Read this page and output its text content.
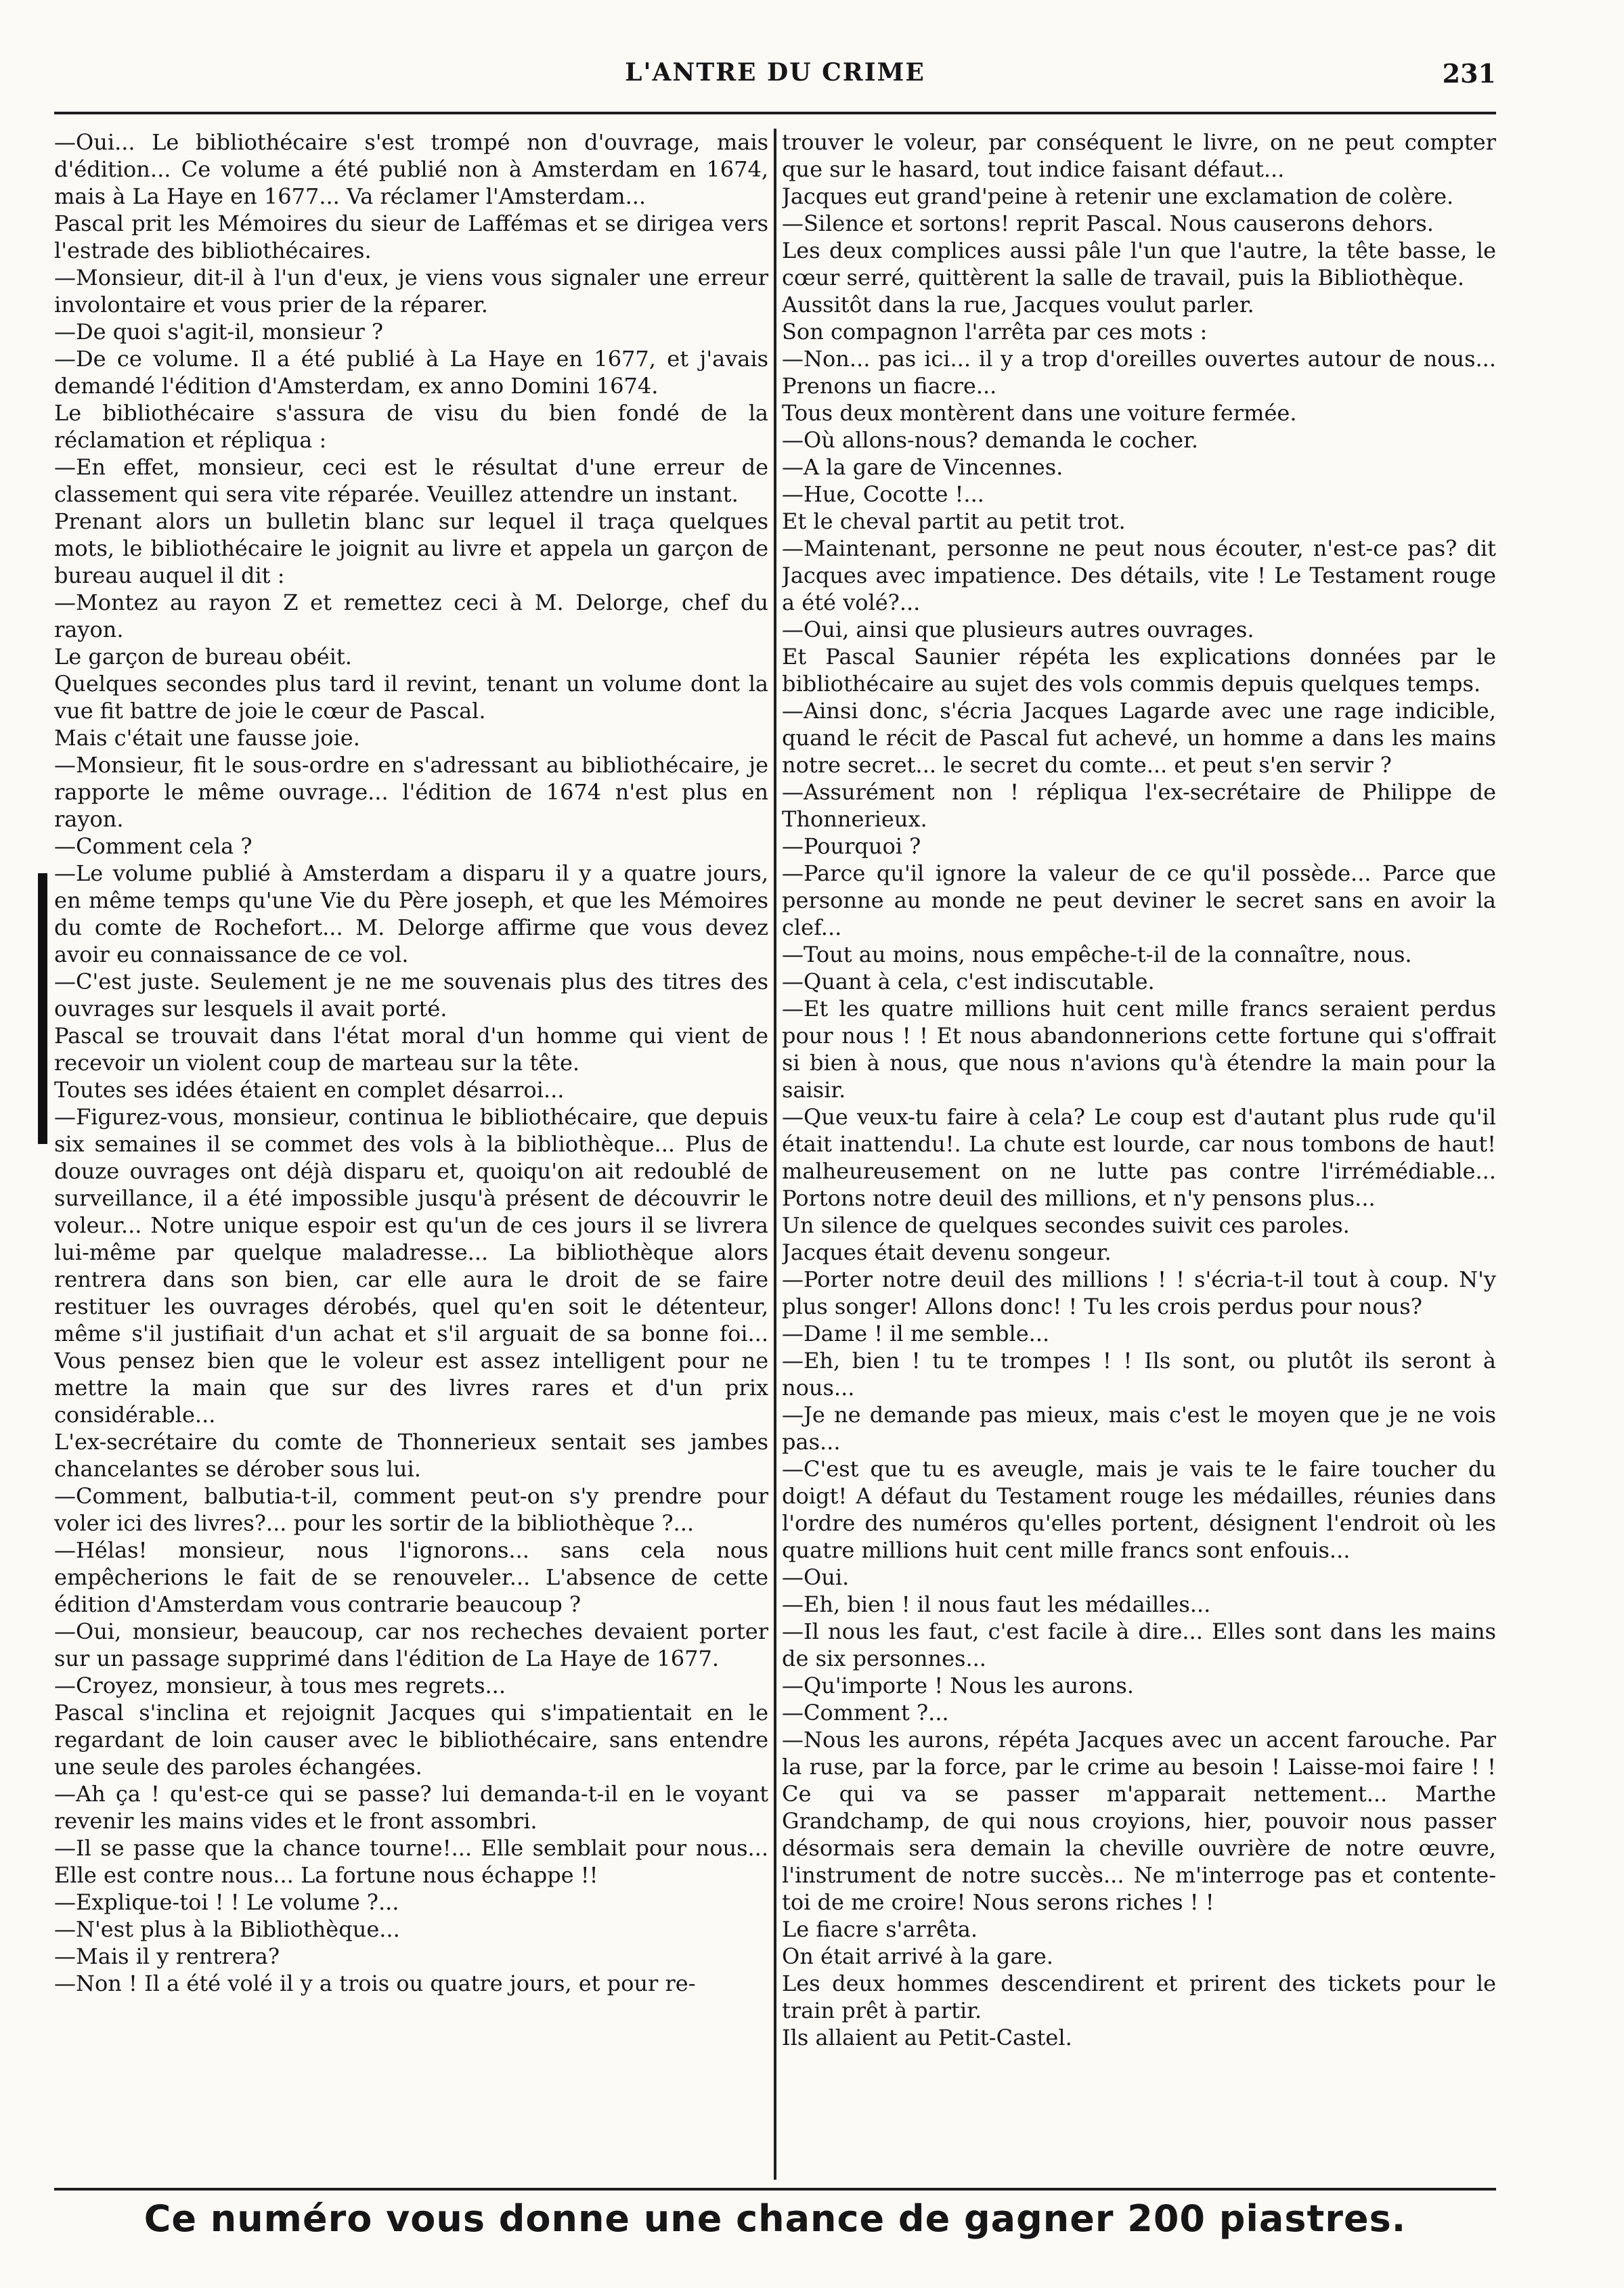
L'ANTRE DU CRIME	231

—Oui... Le bibliothécaire s'est trompé non d'ouvrage, mais d'édition... Ce volume a été publié non à Amsterdam en 1674, mais à La Haye en 1677... Va réclamer l'Amsterdam...

Pascal prit les Mémoires du sieur de Laffémas et se dirigea vers l'estrade des bibliothécaires.

—Monsieur, dit-il à l'un d'eux, je viens vous signaler une erreur involontaire et vous prier de la réparer.

—De quoi s'agit-il, monsieur ?

—De ce volume. Il a été publié à La Haye en 1677, et j'avais demandé l'édition d'Amsterdam, ex anno Domini 1674.

Le bibliothécaire s'assura de visu du bien fondé de la réclamation et répliqua :

—En effet, monsieur, ceci est le résultat d'une erreur de classement qui sera vite réparée. Veuillez attendre un instant.

Prenant alors un bulletin blanc sur lequel il traça quelques mots, le bibliothécaire le joignit au livre et appela un garçon de bureau auquel il dit :

—Montez au rayon Z et remettez ceci à M. Delorge, chef du rayon.

Le garçon de bureau obéit.

Quelques secondes plus tard il revint, tenant un volume dont la vue fit battre de joie le cœur de Pascal.

Mais c'était une fausse joie.

—Monsieur, fit le sous-ordre en s'adressant au bibliothécaire, je rapporte le même ouvrage... l'édition de 1674 n'est plus en rayon.

—Comment cela ?

—Le volume publié à Amsterdam a disparu il y a quatre jours, en même temps qu'une Vie du Père joseph, et que les Mémoires du comte de Rochefort... M. Delorge affirme que vous devez avoir eu connaissance de ce vol.

—C'est juste. Seulement je ne me souvenais plus des titres des ouvrages sur lesquels il avait porté.

Pascal se trouvait dans l'état moral d'un homme qui vient de recevoir un violent coup de marteau sur la tête.

Toutes ses idées étaient en complet désarroi...

—Figurez-vous, monsieur, continua le bibliothécaire, que depuis six semaines il se commet des vols à la bibliothèque... Plus de douze ouvrages ont déjà disparu et, quoiqu'on ait redoublé de surveillance, il a été impossible jusqu'à présent de découvrir le voleur... Notre unique espoir est qu'un de ces jours il se livrera lui-même par quelque maladresse... La bibliothèque alors rentrera dans son bien, car elle aura le droit de se faire restituer les ouvrages dérobés, quel qu'en soit le détenteur, même s'il justifiait d'un achat et s'il arguait de sa bonne foi... Vous pensez bien que le voleur est assez intelligent pour ne mettre la main que sur des livres rares et d'un prix considérable...

L'ex-secrétaire du comte de Thonnerieux sentait ses jambes chancelantes se dérober sous lui.

—Comment, balbutia-t-il, comment peut-on s'y prendre pour voler ici des livres?... pour les sortir de la bibliothèque ?...

—Hélas! monsieur, nous l'ignorons... sans cela nous empêcherions le fait de se renouveler... L'absence de cette édition d'Amsterdam vous contrarie beaucoup ?

—Oui, monsieur, beaucoup, car nos recheches devaient porter sur un passage supprimé dans l'édition de La Haye de 1677.

—Croyez, monsieur, à tous mes regrets...

Pascal s'inclina et rejoignit Jacques qui s'impatientait en le regardant de loin causer avec le bibliothécaire, sans entendre une seule des paroles échangées.

—Ah ça ! qu'est-ce qui se passe? lui demanda-t-il en le voyant revenir les mains vides et le front assombri.

—Il se passe que la chance tourne!... Elle semblait pour nous... Elle est contre nous... La fortune nous échappe !!

—Explique-toi ! ! Le volume ?...

—N'est plus à la Bibliothèque...

—Mais il y rentrera?

—Non ! Il a été volé il y a trois ou quatre jours, et pour re-

trouver le voleur, par conséquent le livre, on ne peut compter que sur le hasard, tout indice faisant défaut...

Jacques eut grand'peine à retenir une exclamation de colère.

—Silence et sortons! reprit Pascal. Nous causerons dehors.

Les deux complices aussi pâle l'un que l'autre, la tête basse, le cœur serré, quittèrent la salle de travail, puis la Bibliothèque.

Aussitôt dans la rue, Jacques voulut parler.

Son compagnon l'arrêta par ces mots :

—Non... pas ici... il y a trop d'oreilles ouvertes autour de nous... Prenons un fiacre...

Tous deux montèrent dans une voiture fermée.

—Où allons-nous? demanda le cocher.

—A la gare de Vincennes.

—Hue, Cocotte !...

Et le cheval partit au petit trot.

—Maintenant, personne ne peut nous écouter, n'est-ce pas? dit Jacques avec impatience. Des détails, vite ! Le Testament rouge a été volé?...

—Oui, ainsi que plusieurs autres ouvrages.

Et Pascal Saunier répéta les explications données par le bibliothécaire au sujet des vols commis depuis quelques temps.

—Ainsi donc, s'écria Jacques Lagarde avec une rage indicible, quand le récit de Pascal fut achevé, un homme a dans les mains notre secret... le secret du comte... et peut s'en servir ?

—Assurément non ! répliqua l'ex-secrétaire de Philippe de Thonnerieux.

—Pourquoi ?

—Parce qu'il ignore la valeur de ce qu'il possède... Parce que personne au monde ne peut deviner le secret sans en avoir la clef...

—Tout au moins, nous empêche-t-il de la connaître, nous.

—Quant à cela, c'est indiscutable.

—Et les quatre millions huit cent mille francs seraient perdus pour nous ! ! Et nous abandonnerions cette fortune qui s'offrait si bien à nous, que nous n'avions qu'à étendre la main pour la saisir.

—Que veux-tu faire à cela? Le coup est d'autant plus rude qu'il était inattendu!. La chute est lourde, car nous tombons de haut! malheureusement on ne lutte pas contre l'irrémédiable... Portons notre deuil des millions, et n'y pensons plus...

Un silence de quelques secondes suivit ces paroles.

Jacques était devenu songeur.

—Porter notre deuil des millions ! ! s'écria-t-il tout à coup. N'y plus songer! Allons donc! ! Tu les crois perdus pour nous?

—Dame ! il me semble...

—Eh, bien ! tu te trompes ! ! Ils sont, ou plutôt ils seront à nous...

—Je ne demande pas mieux, mais c'est le moyen que je ne vois pas...

—C'est que tu es aveugle, mais je vais te le faire toucher du doigt! A défaut du Testament rouge les médailles, réunies dans l'ordre des numéros qu'elles portent, désignent l'endroit où les quatre millions huit cent mille francs sont enfouis...

—Oui.

—Eh, bien ! il nous faut les médailles...

—Il nous les faut, c'est facile à dire... Elles sont dans les mains de six personnes...

—Qu'importe ! Nous les aurons.

—Comment ?...

—Nous les aurons, répéta Jacques avec un accent farouche. Par la ruse, par la force, par le crime au besoin ! Laisse-moi faire ! ! Ce qui va se passer m'apparait nettement... Marthe Grandchamp, de qui nous croyions, hier, pouvoir nous passer désormais sera demain la cheville ouvrière de notre œuvre, l'instrument de notre succès... Ne m'interroge pas et contente-toi de me croire! Nous serons riches ! !

Le fiacre s'arrêta.

On était arrivé à la gare.

Les deux hommes descendirent et prirent des tickets pour le train prêt à partir.

Ils allaient au Petit-Castel.

Ce numéro vous donne une chance de gagner 200 piastres.
